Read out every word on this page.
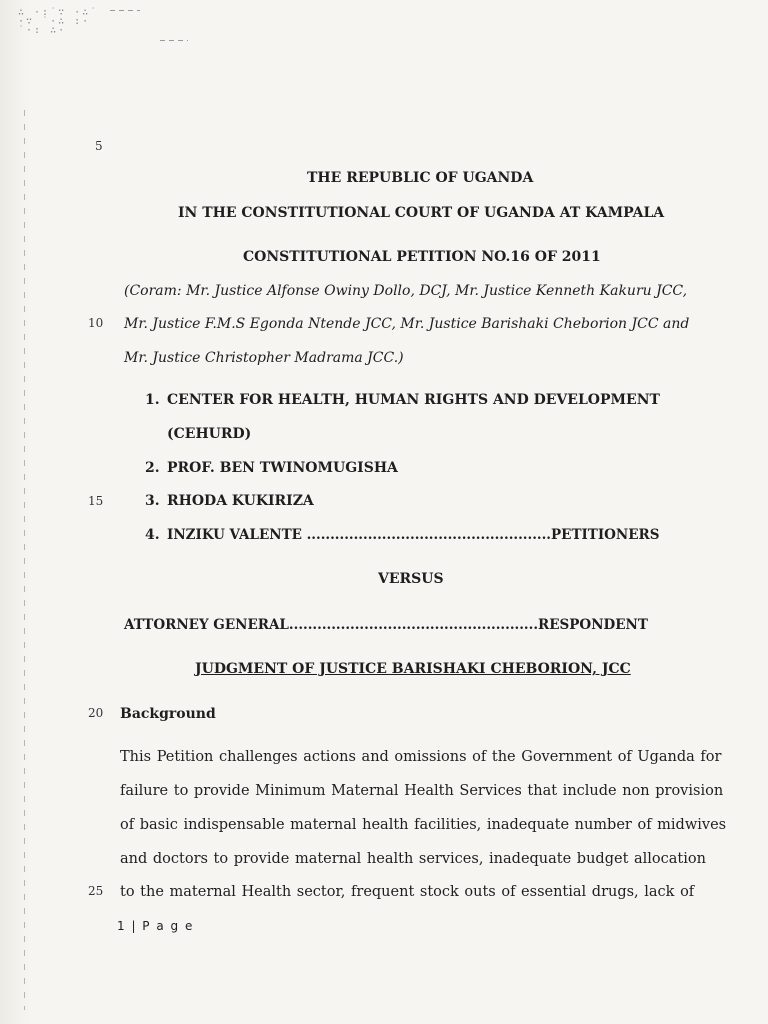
∴ ·:˙∵ ·∴˙
·∵ ˙·∴ :·
˙·: ∴·
5
10
15
20
25
THE REPUBLIC OF UGANDA
IN THE CONSTITUTIONAL COURT OF UGANDA AT KAMPALA
CONSTITUTIONAL PETITION NO.16 OF 2011
(Coram: Mr. Justice Alfonse Owiny Dollo, DCJ, Mr. Justice Kenneth Kakuru JCC,
Mr. Justice F.M.S Egonda Ntende JCC, Mr. Justice Barishaki Cheborion JCC and
Mr. Justice Christopher Madrama JCC.)
1. CENTER FOR HEALTH, HUMAN RIGHTS AND DEVELOPMENT
(CEHURD)
2. PROF. BEN TWINOMUGISHA
3. RHODA KUKIRIZA
4. INZIKU VALENTE ....................................................PETITIONERS
VERSUS
ATTORNEY GENERAL.....................................................RESPONDENT
JUDGMENT OF JUSTICE BARISHAKI CHEBORION, JCC
Background
This Petition challenges actions and omissions of the Government of Uganda for
failure to provide Minimum Maternal Health Services that include non provision
of basic indispensable maternal health facilities, inadequate number of midwives
and doctors to provide maternal health services, inadequate budget allocation
to the maternal Health sector, frequent stock outs of essential drugs, lack of
1 | P a g e
